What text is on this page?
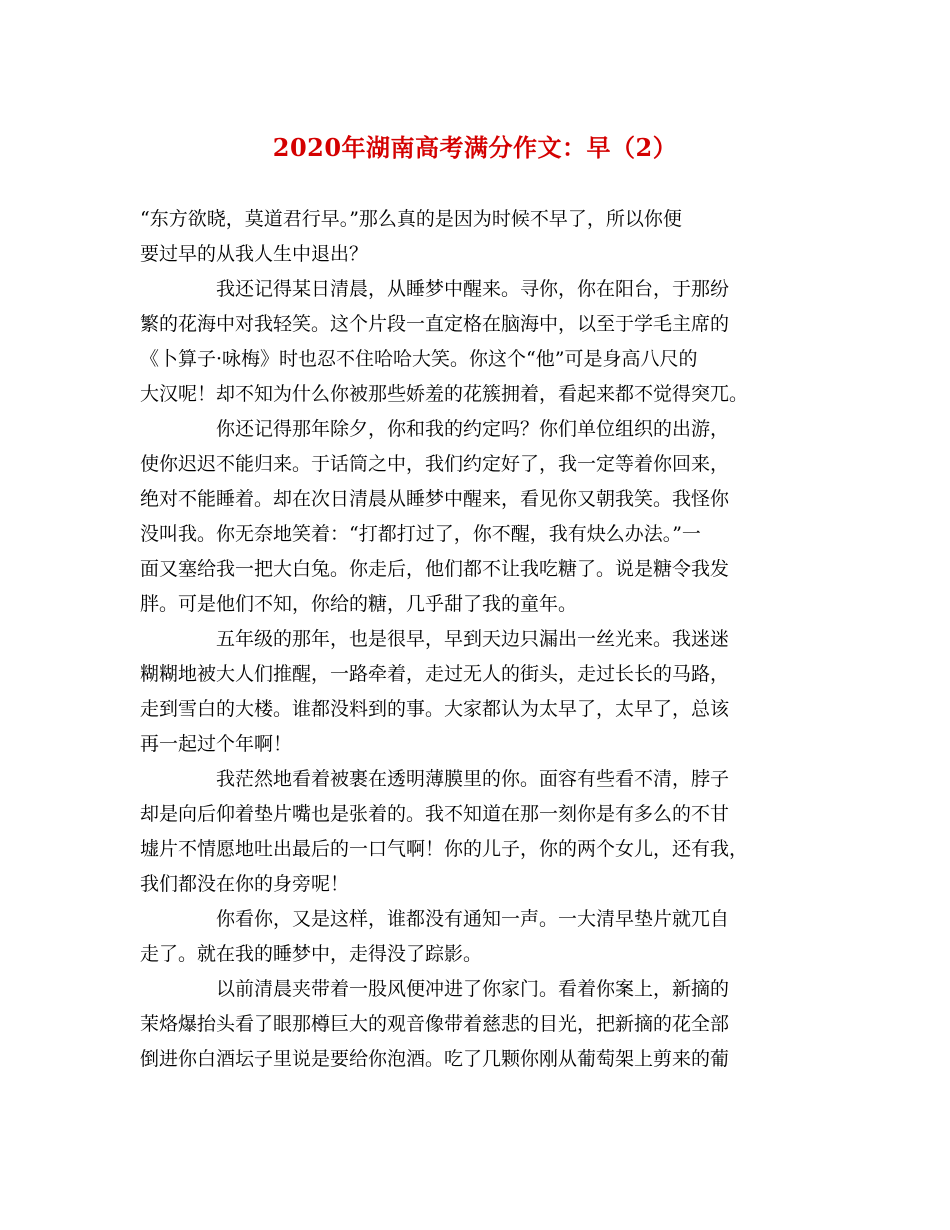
2020年湖南高考满分作文：早（2）
“东方欲晓，莫道君行早。”那么真的是因为时候不早了，所以你便
要过早的从我人生中退出？
　　　　我还记得某日清晨，从睡梦中醒来。寻你，你在阳台，于那纷
繁的花海中对我轻笑。这个片段一直定格在脑海中，以至于学毛主席的
《卜算子·咏梅》时也忍不住哈哈大笑。你这个“他”可是身高八尺的
大汉呢！却不知为什么你被那些娇羞的花簇拥着，看起来都不觉得突兀。
　　　　你还记得那年除夕，你和我的约定吗？你们单位组织的出游，
使你迟迟不能归来。于话筒之中，我们约定好了，我一定等着你回来，
绝对不能睡着。却在次日清晨从睡梦中醒来，看见你又朝我笑。我怪你
没叫我。你无奈地笑着：“打都打过了，你不醒，我有炔么办法。”一
面又塞给我一把大白兔。你走后，他们都不让我吃糖了。说是糖令我发
胖。可是他们不知，你给的糖，几乎甜了我的童年。
　　　　五年级的那年，也是很早，早到天边只漏出一丝光来。我迷迷
糊糊地被大人们推醒，一路牵着，走过无人的街头，走过长长的马路，
走到雪白的大楼。谁都没料到的事。大家都认为太早了，太早了，总该
再一起过个年啊！
　　　　我茫然地看着被裹在透明薄膜里的你。面容有些看不清，脖子
却是向后仰着垫片嘴也是张着的。我不知道在那一刻你是有多么的不甘
墟片不情愿地吐出最后的一口气啊！你的儿子，你的两个女儿，还有我，
我们都没在你的身旁呢！
　　　　你看你，又是这样，谁都没有通知一声。一大清早垫片就兀自
走了。就在我的睡梦中，走得没了踪影。
　　　　以前清晨夹带着一股风便冲进了你家门。看着你案上，新摘的
茉烙爆抬头看了眼那樽巨大的观音像带着慈悲的目光，把新摘的花全部
倒进你白酒坛子里说是要给你泡酒。吃了几颗你刚从葡萄架上剪来的葡
